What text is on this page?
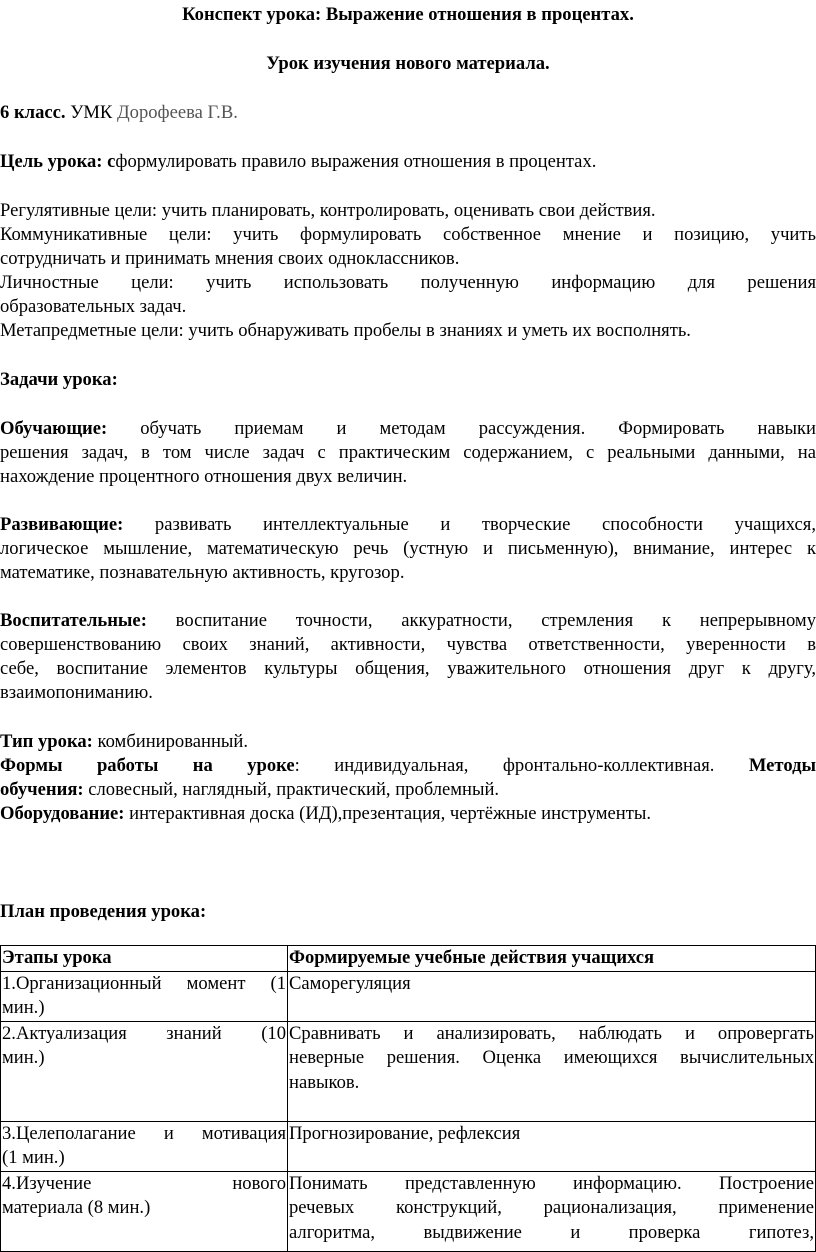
Конспект урока: Выражение отношения в процентах.
Урок изучения нового материала.
6 класс. УМК Дорофеева Г.В.
Цель урока: сформулировать правило выражения отношения в процентах.
Регулятивные цели: учить планировать, контролировать, оценивать свои действия.
Коммуникативные цели: учить формулировать собственное мнение и позицию, учить
сотрудничать и принимать мнения своих одноклассников.
Личностные цели: учить использовать полученную информацию для решения
образовательных задач.
Метапредметные цели: учить обнаруживать пробелы в знаниях и уметь их восполнять.
Задачи урока:
Обучающие: обучать приемам и методам рассуждения. Формировать навыки
решения задач, в том числе задач с практическим содержанием, с реальными данными, на
нахождение процентного отношения двух величин.
Развивающие: развивать интеллектуальные и творческие способности учащихся,
логическое мышление, математическую речь (устную и письменную), внимание, интерес к
математике, познавательную активность, кругозор.
Воспитательные: воспитание точности, аккуратности, стремления к непрерывному
совершенствованию своих знаний, активности, чувства ответственности, уверенности в
себе, воспитание элементов культуры общения, уважительного отношения друг к другу,
взаимопониманию.
Тип урока: комбинированный.
Формы работы на уроке: индивидуальная, фронтально-коллективная. Методы
обучения: словесный, наглядный, практический, проблемный.
Оборудование: интерактивная доска (ИД),презентация, чертёжные инструменты.
План проведения урока:
Этапы урока	Формируемые учебные действия учащихся

1.Организационный момент (1
мин.)	Саморегуляция

2.Актуализация знаний (10
мин.)	Сравнивать и анализировать, наблюдать и опровергать
неверные решения. Оценка имеющихся вычислительных
навыков.

3.Целеполагание и мотивация
(1 мин.)	Прогнозирование, рефлексия

4.Изучение нового
материала (8 мин.)	Понимать представленную информацию. Построение
речевых конструкций, рационализация, применение
алгоритма, выдвижение и проверка гипотез,
